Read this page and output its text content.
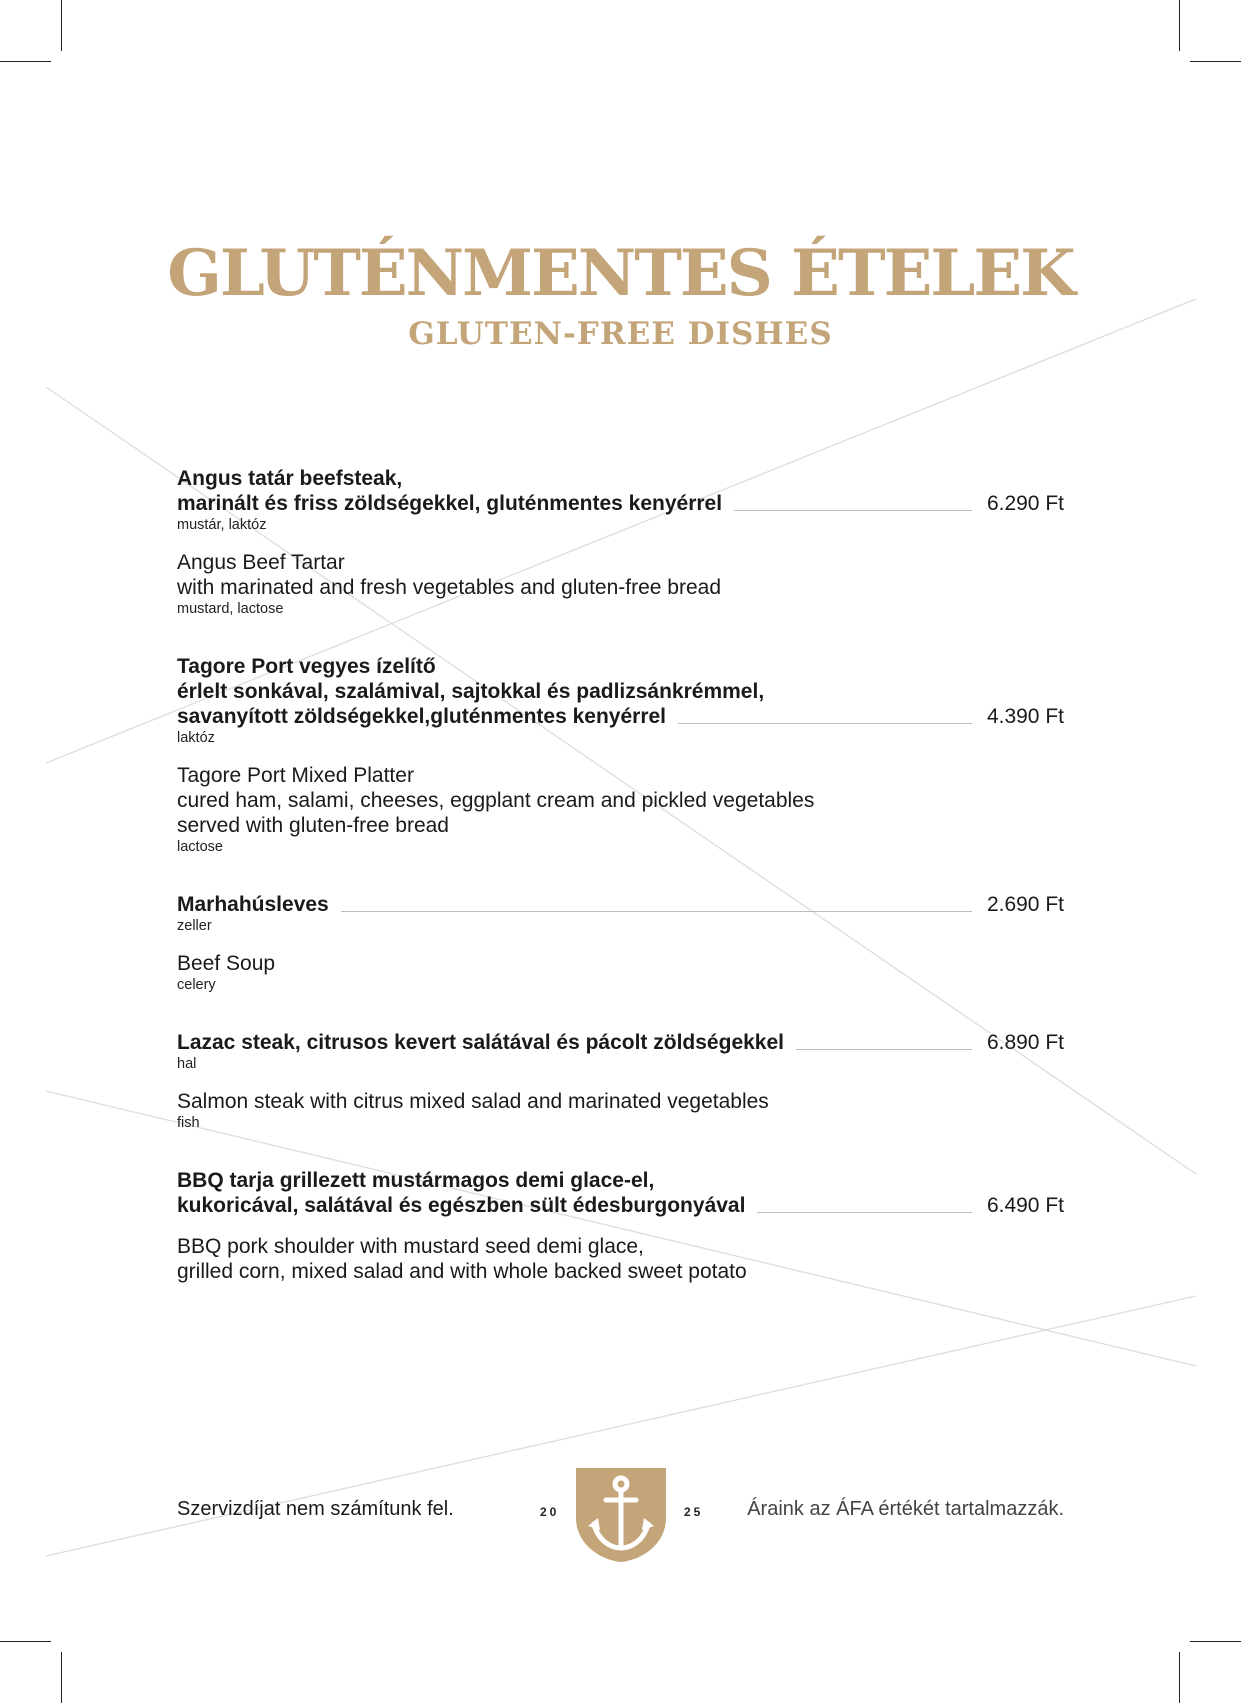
GLUTÉNMENTES ÉTELEK
GLUTEN-FREE DISHES
Angus tatár beefsteak,
marinált és friss zöldségekkel, gluténmentes kenyérrel	6.290 Ft
mustár, laktóz
Angus Beef Tartar
with marinated and fresh vegetables and gluten-free bread
mustard, lactose
Tagore Port vegyes ízelítő
érlelt sonkával, szalámival, sajtokkal és padlizsánkrémmel,
savanyított zöldségekkel,gluténmentes kenyérrel	4.390 Ft
laktóz
Tagore Port Mixed Platter
cured ham, salami, cheeses, eggplant cream and pickled vegetables
served with gluten-free bread
lactose
Marhahúsleves	2.690 Ft
zeller
Beef Soup
celery
Lazac steak, citrusos kevert salátával és pácolt zöldségekkel	6.890 Ft
hal
Salmon steak with citrus mixed salad and marinated vegetables
fish
BBQ tarja grillezett mustármagos demi glace-el,
kukoricával, salátával és egészben sült édesburgonyával	6.490 Ft
BBQ pork shoulder with mustard seed demi glace,
grilled corn, mixed salad and with whole backed sweet potato
Szervizdíjat nem számítunk fel.	20	25 Áraink az ÁFA értékét tartalmazzák.
